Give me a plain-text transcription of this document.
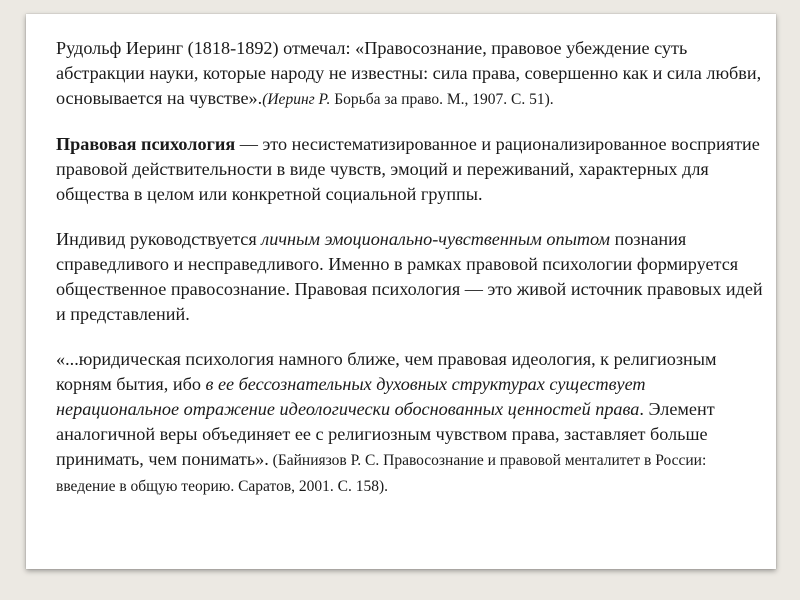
Рудольф Иеринг (1818-1892) отмечал: «Правосознание, правовое убеждение суть абстракции науки, которые народу не известны: сила права, совершенно как и сила любви, основывается на чувстве».(Иеринг Р. Борьба за право. М., 1907. С. 51).

Правовая психология — это несистематизированное и рационализированное восприятие правовой действительности в виде чувств, эмоций и переживаний, характерных для общества в целом или конкретной социальной группы.

Индивид руководствуется личным эмоционально-чувственным опытом познания справедливого и несправедливого. Именно в рамках правовой психологии формируется общественное правосознание. Правовая психология — это живой источник правовых идей и представлений.

«...юридическая психология намного ближе, чем правовая идеология, к религиозным корням бытия, ибо в ее бессознательных духовных структурах существует нерациональное отражение идеологически обоснованных ценностей права. Элемент аналогичной веры объединяет ее с религиозным чувством права, заставляет больше принимать, чем понимать». (Байниязов Р. С. Правосознание и правовой менталитет в России: введение в общую теорию. Саратов, 2001. С. 158).
